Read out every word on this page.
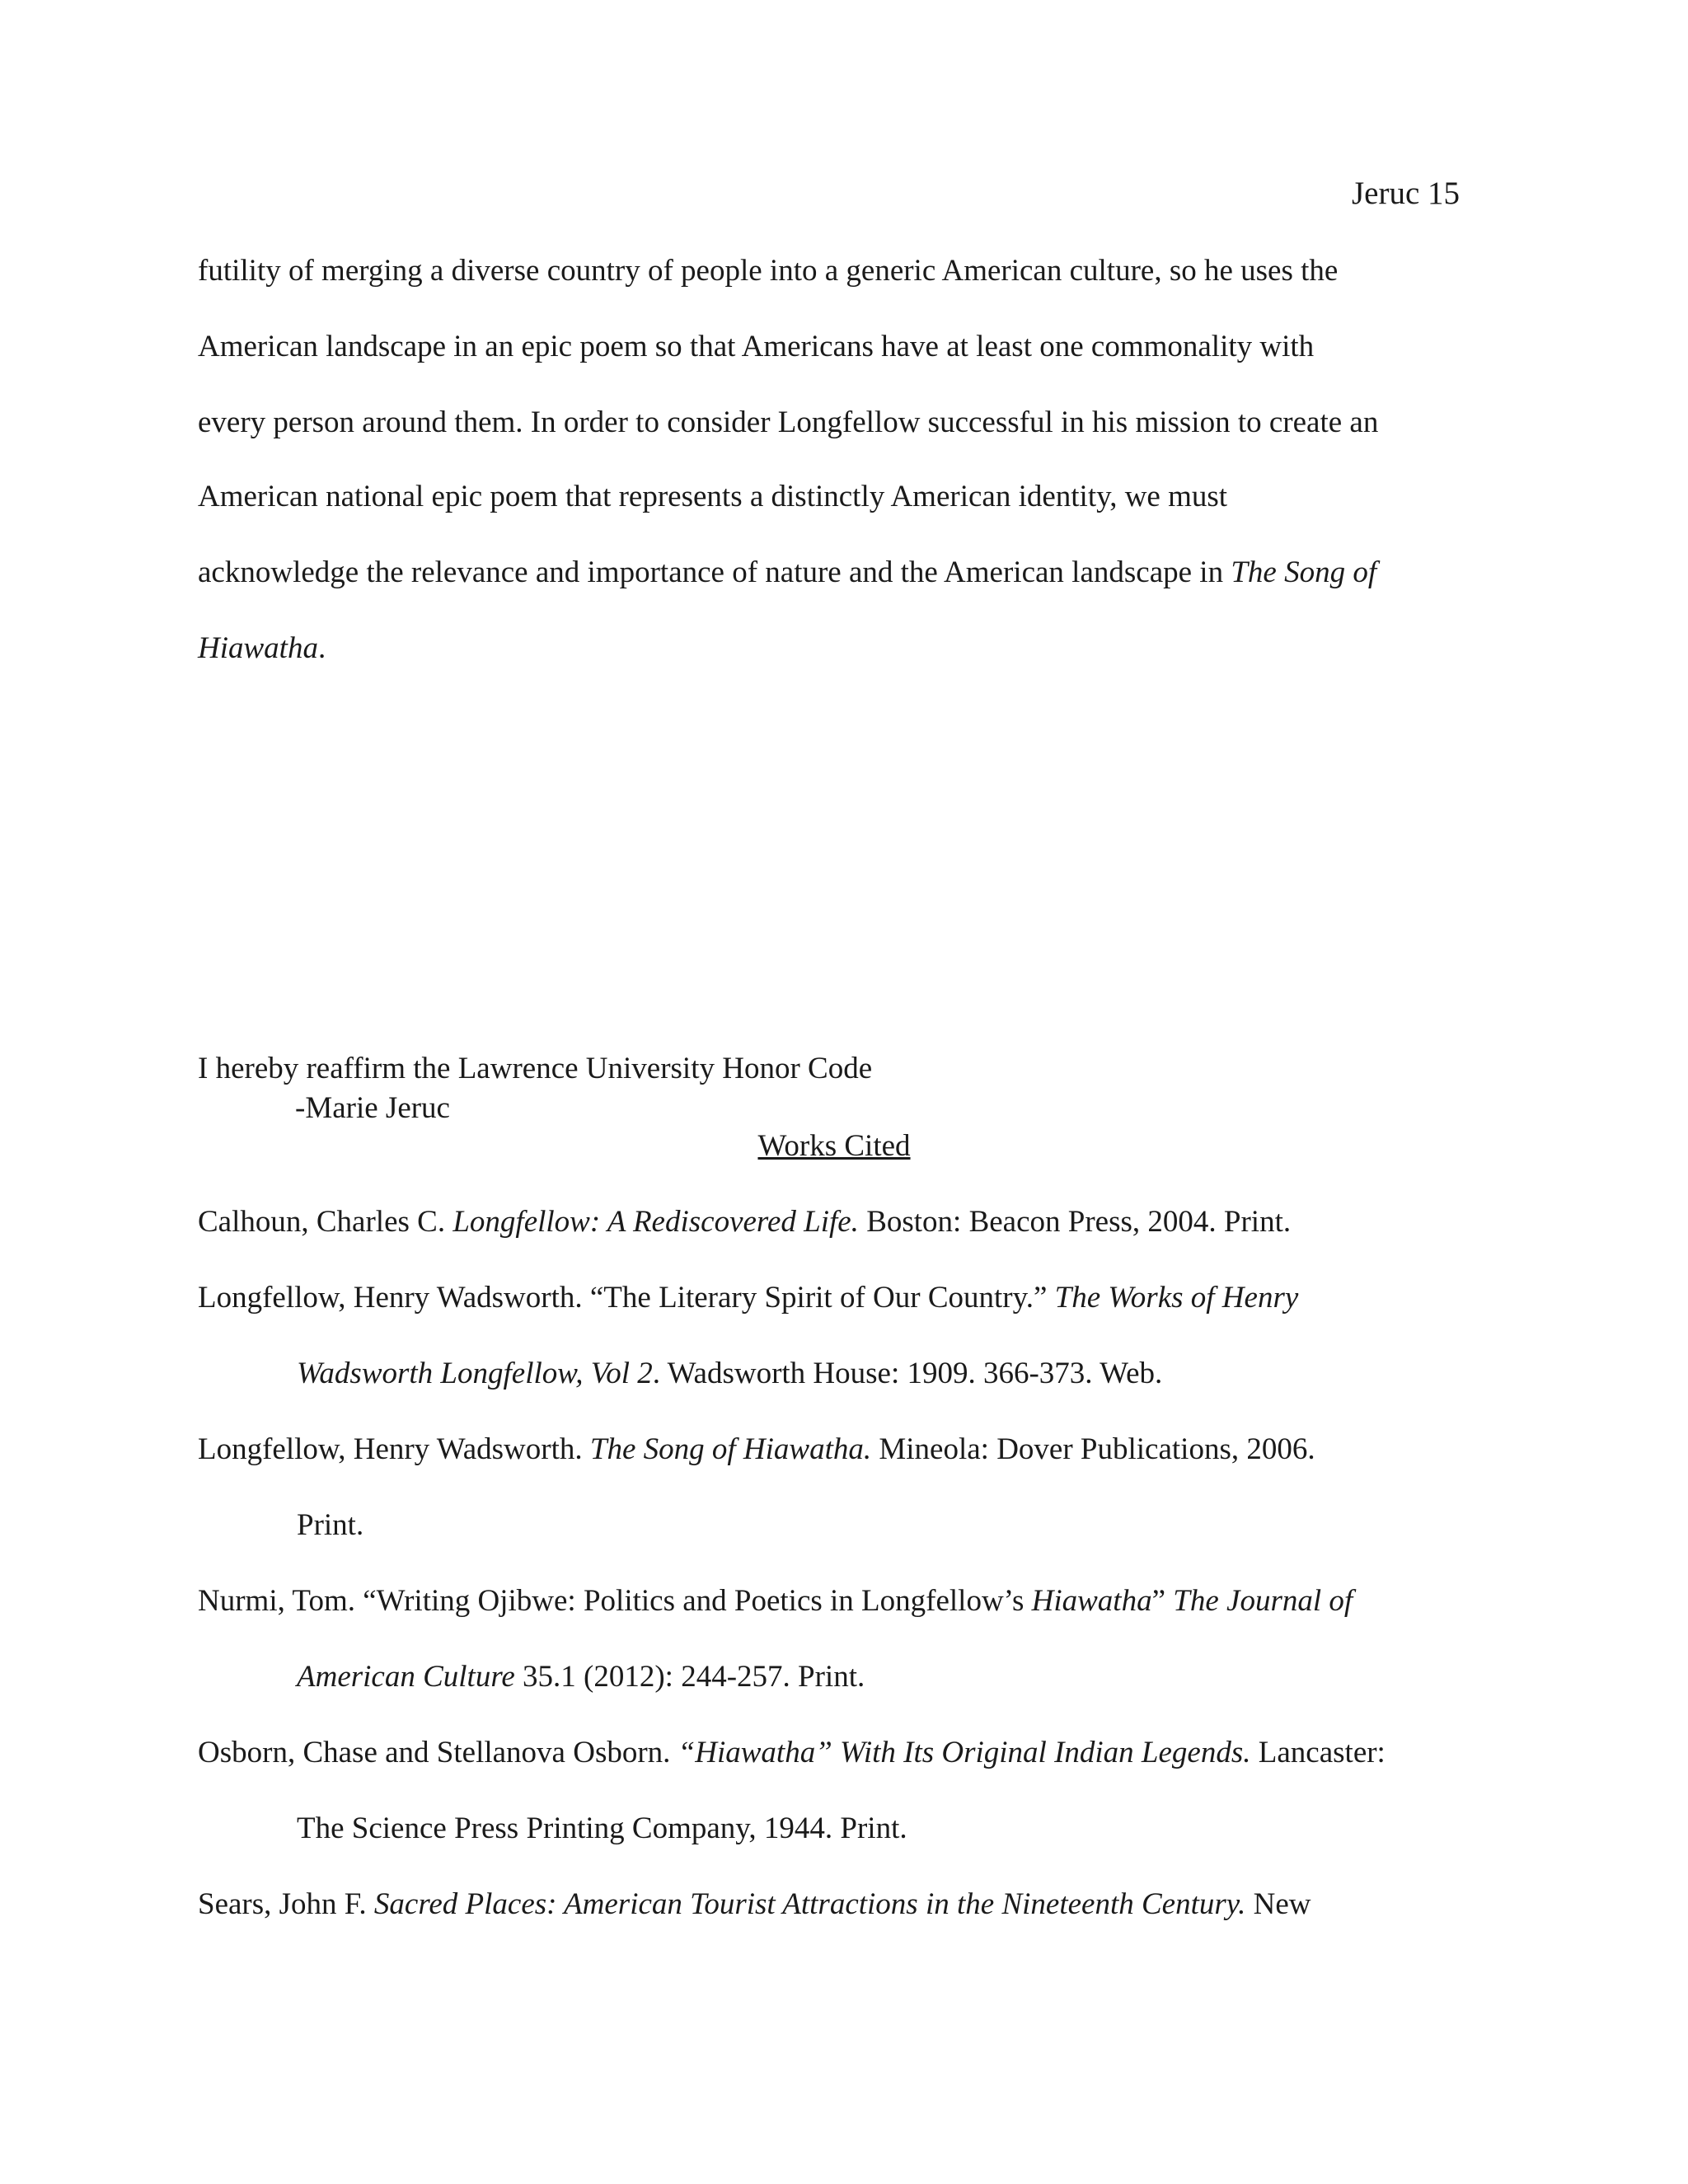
Jeruc 15
futility of merging a diverse country of people into a generic American culture, so he uses the
American landscape in an epic poem so that Americans have at least one commonality with
every person around them. In order to consider Longfellow successful in his mission to create an
American national epic poem that represents a distinctly American identity, we must
acknowledge the relevance and importance of nature and the American landscape in The Song of
Hiawatha.
I hereby reaffirm the Lawrence University Honor Code
-Marie Jeruc
Works Cited
Calhoun, Charles C. Longfellow: A Rediscovered Life. Boston: Beacon Press, 2004. Print.
Longfellow, Henry Wadsworth. “The Literary Spirit of Our Country.” The Works of Henry
Wadsworth Longfellow, Vol 2. Wadsworth House: 1909. 366-373. Web.
Longfellow, Henry Wadsworth. The Song of Hiawatha. Mineola: Dover Publications, 2006.
Print.
Nurmi, Tom. “Writing Ojibwe: Politics and Poetics in Longfellow’s Hiawatha” The Journal of
American Culture 35.1 (2012): 244-257. Print.
Osborn, Chase and Stellanova Osborn. “Hiawatha” With Its Original Indian Legends. Lancaster:
The Science Press Printing Company, 1944. Print.
Sears, John F. Sacred Places: American Tourist Attractions in the Nineteenth Century. New
